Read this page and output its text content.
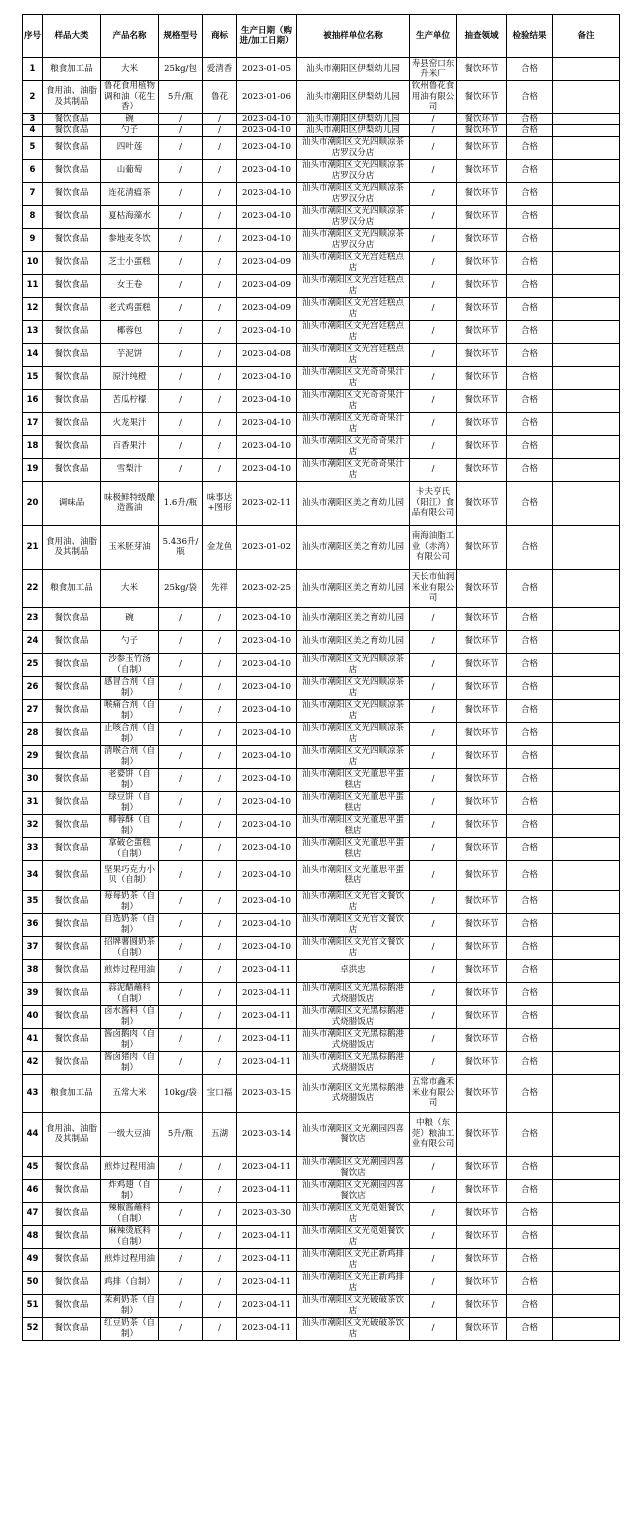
序号	样品大类	产品名称	规格型号	商标	生产日期（购进/加工日期）	被抽样单位名称	生产单位	抽查领域	检验结果	备注
1	粮食加工品	大米	25kg/包	爱清香	2023-01-05	汕头市潮阳区伊梨幼儿园	寿县窑口东升米厂	餐饮环节	合格	
2	食用油、油脂及其制品	鲁花食用植物调和油（花生香）	5升/瓶	鲁花	2023-01-06	汕头市潮阳区伊梨幼儿园	钦州鲁花食用油有限公司	餐饮环节	合格	
3	餐饮食品	碗	/	/	2023-04-10	汕头市潮阳区伊梨幼儿园	/	餐饮环节	合格	
4	餐饮食品	勺子	/	/	2023-04-10	汕头市潮阳区伊梨幼儿园	/	餐饮环节	合格	
5	餐饮食品	四叶莲	/	/	2023-04-10	汕头市潮阳区文光四顺凉茶店罗汉分店	/	餐饮环节	合格	
6	餐饮食品	山葡萄	/	/	2023-04-10	汕头市潮阳区文光四顺凉茶店罗汉分店	/	餐饮环节	合格	
7	餐饮食品	连花清瘟茶	/	/	2023-04-10	汕头市潮阳区文光四顺凉茶店罗汉分店	/	餐饮环节	合格	
8	餐饮食品	夏枯海藻水	/	/	2023-04-10	汕头市潮阳区文光四顺凉茶店罗汉分店	/	餐饮环节	合格	
9	餐饮食品	参地麦冬饮	/	/	2023-04-10	汕头市潮阳区文光四顺凉茶店罗汉分店	/	餐饮环节	合格	
10	餐饮食品	芝士小蛋糕	/	/	2023-04-09	汕头市潮阳区文光宫廷糕点店	/	餐饮环节	合格	
11	餐饮食品	女王卷	/	/	2023-04-09	汕头市潮阳区文光宫廷糕点店	/	餐饮环节	合格	
12	餐饮食品	老式鸡蛋糕	/	/	2023-04-09	汕头市潮阳区文光宫廷糕点店	/	餐饮环节	合格	
13	餐饮食品	椰蓉包	/	/	2023-04-10	汕头市潮阳区文光宫廷糕点店	/	餐饮环节	合格	
14	餐饮食品	芋泥饼	/	/	2023-04-08	汕头市潮阳区文光宫廷糕点店	/	餐饮环节	合格	
15	餐饮食品	原汁纯橙	/	/	2023-04-10	汕头市潮阳区文光奇奇果汁店	/	餐饮环节	合格	
16	餐饮食品	苦瓜柠檬	/	/	2023-04-10	汕头市潮阳区文光奇奇果汁店	/	餐饮环节	合格	
17	餐饮食品	火龙果汁	/	/	2023-04-10	汕头市潮阳区文光奇奇果汁店	/	餐饮环节	合格	
18	餐饮食品	百香果汁	/	/	2023-04-10	汕头市潮阳区文光奇奇果汁店	/	餐饮环节	合格	
19	餐饮食品	雪梨汁	/	/	2023-04-10	汕头市潮阳区文光奇奇果汁店	/	餐饮环节	合格	
20	调味品	味极鲜特级酿造酱油	1.6升/瓶	味事达+图形	2023-02-11	汕头市潮阳区美之育幼儿园	卡夫亨氏（阳江）食品有限公司	餐饮环节	合格	
21	食用油、油脂及其制品	玉米胚芽油	5.436升/瓶	金龙鱼	2023-01-02	汕头市潮阳区美之育幼儿园	南海油脂工业（赤湾）有限公司	餐饮环节	合格	
22	粮食加工品	大米	25kg/袋	先祥	2023-02-25	汕头市潮阳区美之育幼儿园	天长市仙润米业有限公司	餐饮环节	合格	
23	餐饮食品	碗	/	/	2023-04-10	汕头市潮阳区美之育幼儿园	/	餐饮环节	合格	
24	餐饮食品	勺子	/	/	2023-04-10	汕头市潮阳区美之育幼儿园	/	餐饮环节	合格	
25	餐饮食品	沙参玉竹汤（自制）	/	/	2023-04-10	汕头市潮阳区文光四顺凉茶店	/	餐饮环节	合格	
26	餐饮食品	感冒合剂（自制）	/	/	2023-04-10	汕头市潮阳区文光四顺凉茶店	/	餐饮环节	合格	
27	餐饮食品	喉痛合剂（自制）	/	/	2023-04-10	汕头市潮阳区文光四顺凉茶店	/	餐饮环节	合格	
28	餐饮食品	止咳合剂（自制）	/	/	2023-04-10	汕头市潮阳区文光四顺凉茶店	/	餐饮环节	合格	
29	餐饮食品	清喉合剂（自制）	/	/	2023-04-10	汕头市潮阳区文光四顺凉茶店	/	餐饮环节	合格	
30	餐饮食品	老婆饼（自制）	/	/	2023-04-10	汕头市潮阳区文光董思平蛋糕店	/	餐饮环节	合格	
31	餐饮食品	绿豆饼（自制）	/	/	2023-04-10	汕头市潮阳区文光董思平蛋糕店	/	餐饮环节	合格	
32	餐饮食品	椰蓉酥（自制）	/	/	2023-04-10	汕头市潮阳区文光董思平蛋糕店	/	餐饮环节	合格	
33	餐饮食品	拿破仑蛋糕（自制）	/	/	2023-04-10	汕头市潮阳区文光董思平蛋糕店	/	餐饮环节	合格	
34	餐饮食品	坚果巧克力小贝（自制）	/	/	2023-04-10	汕头市潮阳区文光董思平蛋糕店	/	餐饮环节	合格	
35	餐饮食品	莓莓奶茶（自制）	/	/	2023-04-10	汕头市潮阳区文光官文餐饮店	/	餐饮环节	合格	
36	餐饮食品	自选奶茶（自制）	/	/	2023-04-10	汕头市潮阳区文光官文餐饮店	/	餐饮环节	合格	
37	餐饮食品	招牌薯圆奶茶（自制）	/	/	2023-04-10	汕头市潮阳区文光官文餐饮店	/	餐饮环节	合格	
38	餐饮食品	煎炸过程用油	/	/	2023-04-11	卓洪忠	/	餐饮环节	合格	
39	餐饮食品	蒜泥醋蘸料（自制）	/	/	2023-04-11	汕头市潮阳区文光黑棕鹅港式烧腊饭店	/	餐饮环节	合格	
40	餐饮食品	卤水酱料（自制）	/	/	2023-04-11	汕头市潮阳区文光黑棕鹅港式烧腊饭店	/	餐饮环节	合格	
41	餐饮食品	酱卤鹅肉（自制）	/	/	2023-04-11	汕头市潮阳区文光黑棕鹅港式烧腊饭店	/	餐饮环节	合格	
42	餐饮食品	酱卤猪肉（自制）	/	/	2023-04-11	汕头市潮阳区文光黑棕鹅港式烧腊饭店	/	餐饮环节	合格	
43	粮食加工品	五常大米	10kg/袋	宝口福	2023-03-15	汕头市潮阳区文光黑棕鹅港式烧腊饭店	五常市鑫禾米业有限公司	餐饮环节	合格	
44	食用油、油脂及其制品	一级大豆油	5升/瓶	五湖	2023-03-14	汕头市潮阳区文光潮园四喜餐饮店	中粮（东莞）粮油工业有限公司	餐饮环节	合格	
45	餐饮食品	煎炸过程用油	/	/	2023-04-11	汕头市潮阳区文光潮园四喜餐饮店	/	餐饮环节	合格	
46	餐饮食品	炸鸡翅（自制）	/	/	2023-04-11	汕头市潮阳区文光潮园四喜餐饮店	/	餐饮环节	合格	
47	餐饮食品	辣椒酱蘸料（自制）	/	/	2023-03-30	汕头市潮阳区文光觅姐餐饮店	/	餐饮环节	合格	
48	餐饮食品	麻辣烫底料（自制）	/	/	2023-04-11	汕头市潮阳区文光觅姐餐饮店	/	餐饮环节	合格	
49	餐饮食品	煎炸过程用油	/	/	2023-04-11	汕头市潮阳区文光正新鸡排店	/	餐饮环节	合格	
50	餐饮食品	鸡排（自制）	/	/	2023-04-11	汕头市潮阳区文光正新鸡排店	/	餐饮环节	合格	
51	餐饮食品	茉莉奶茶（自制）	/	/	2023-04-11	汕头市潮阳区文光破破茶饮店	/	餐饮环节	合格	
52	餐饮食品	红豆奶茶（自制）	/	/	2023-04-11	汕头市潮阳区文光破破茶饮店	/	餐饮环节	合格	
